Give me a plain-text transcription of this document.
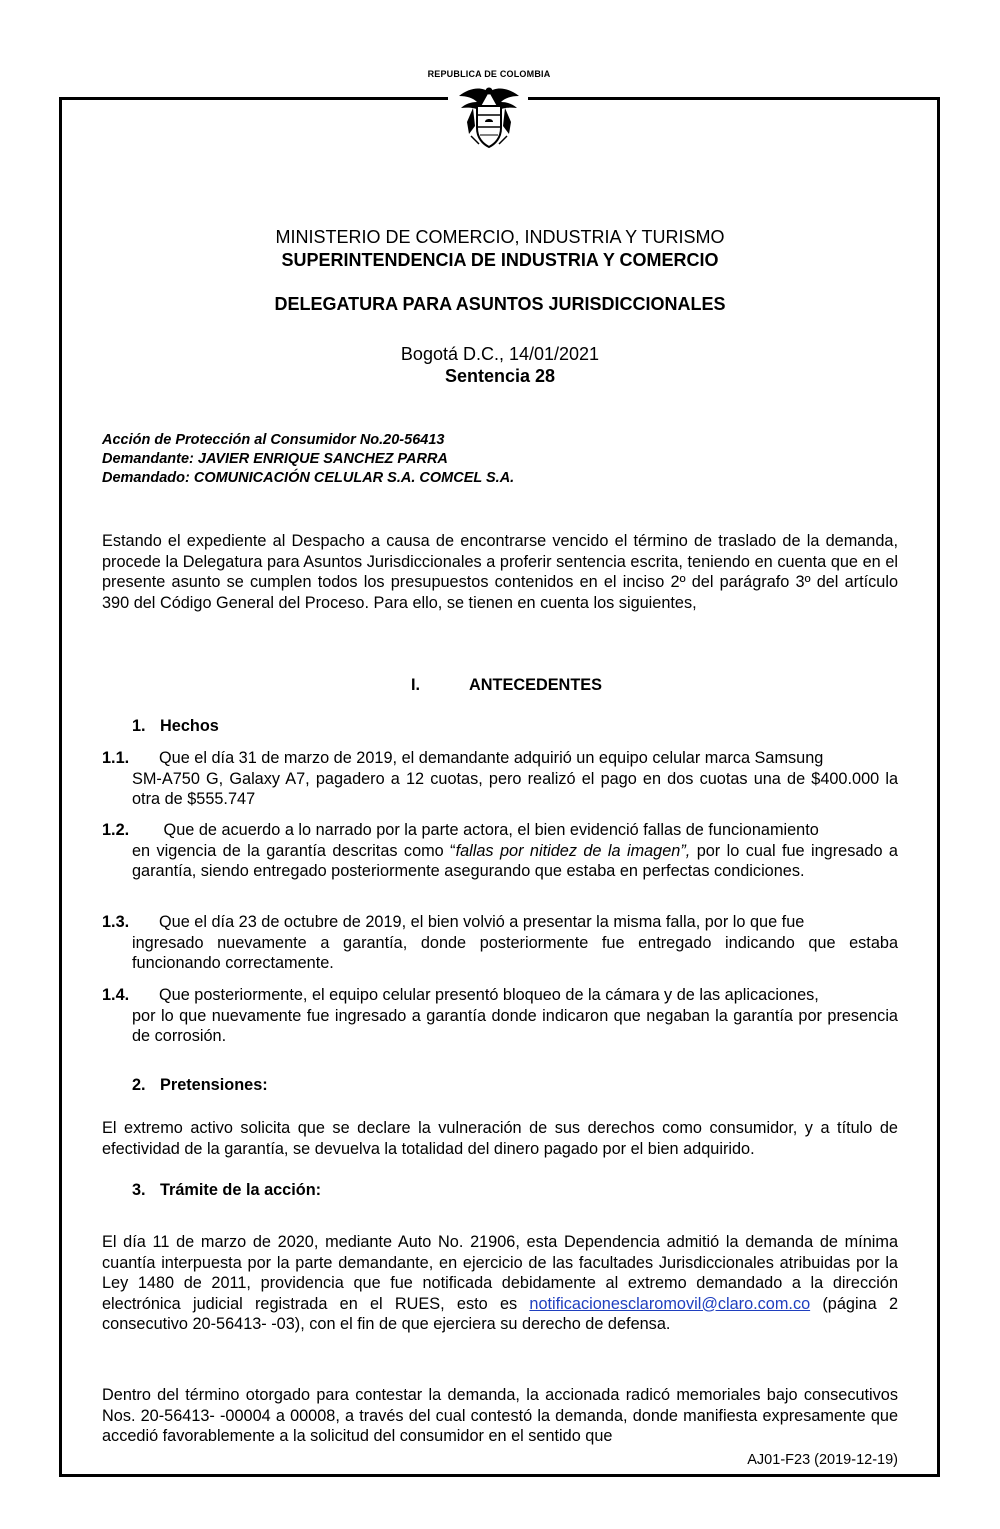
REPUBLICA DE COLOMBIA
MINISTERIO DE COMERCIO, INDUSTRIA Y TURISMO
SUPERINTENDENCIA DE INDUSTRIA Y COMERCIO
DELEGATURA PARA ASUNTOS JURISDICCIONALES
Bogotá D.C., 14/01/2021
Sentencia 28
Acción de Protección al Consumidor No.20-56413
Demandante: JAVIER ENRIQUE SANCHEZ PARRA
Demandado: COMUNICACIÓN CELULAR S.A. COMCEL S.A.
Estando el expediente al Despacho a causa de encontrarse vencido el término de traslado de la demanda, procede la Delegatura para Asuntos Jurisdiccionales a proferir sentencia escrita, teniendo en cuenta que en el presente asunto se cumplen todos los presupuestos contenidos en el inciso 2º del parágrafo 3º del artículo 390 del Código General del Proceso. Para ello, se tienen en cuenta los siguientes,
I.	ANTECEDENTES
1. Hechos
1.1. Que el día 31 de marzo de 2019, el demandante adquirió un equipo celular marca Samsung
SM-A750 G, Galaxy A7, pagadero a 12 cuotas, pero realizó el pago en dos cuotas una de $400.000 la otra de $555.747
1.2. Que de acuerdo a lo narrado por la parte actora, el bien evidenció fallas de funcionamiento
en vigencia de la garantía descritas como “fallas por nitidez de la imagen”, por lo cual fue ingresado a garantía, siendo entregado posteriormente asegurando que estaba en perfectas condiciones.
1.3. Que el día 23 de octubre de 2019, el bien volvió a presentar la misma falla, por lo que fue
ingresado nuevamente a garantía, donde posteriormente fue entregado indicando que estaba funcionando correctamente.
1.4. Que posteriormente, el equipo celular presentó bloqueo de la cámara y de las aplicaciones,
por lo que nuevamente fue ingresado a garantía donde indicaron que negaban la garantía por presencia de corrosión.
2. Pretensiones:
El extremo activo solicita que se declare la vulneración de sus derechos como consumidor, y a título de efectividad de la garantía, se devuelva la totalidad del dinero pagado por el bien adquirido.
3. Trámite de la acción:
El día 11 de marzo de 2020, mediante Auto No. 21906, esta Dependencia admitió la demanda de mínima cuantía interpuesta por la parte demandante, en ejercicio de las facultades Jurisdiccionales atribuidas por la Ley 1480 de 2011, providencia que fue notificada debidamente al extremo demandado a la dirección electrónica judicial registrada en el RUES, esto es notificacionesclaromovil@claro.com.co (página 2 consecutivo 20-56413- -03), con el fin de que ejerciera su derecho de defensa.
Dentro del término otorgado para contestar la demanda, la accionada radicó memoriales bajo consecutivos Nos. 20-56413- -00004 a 00008, a través del cual contestó la demanda, donde manifiesta expresamente que accedió favorablemente a la solicitud del consumidor en el sentido que
AJ01-F23 (2019-12-19)
